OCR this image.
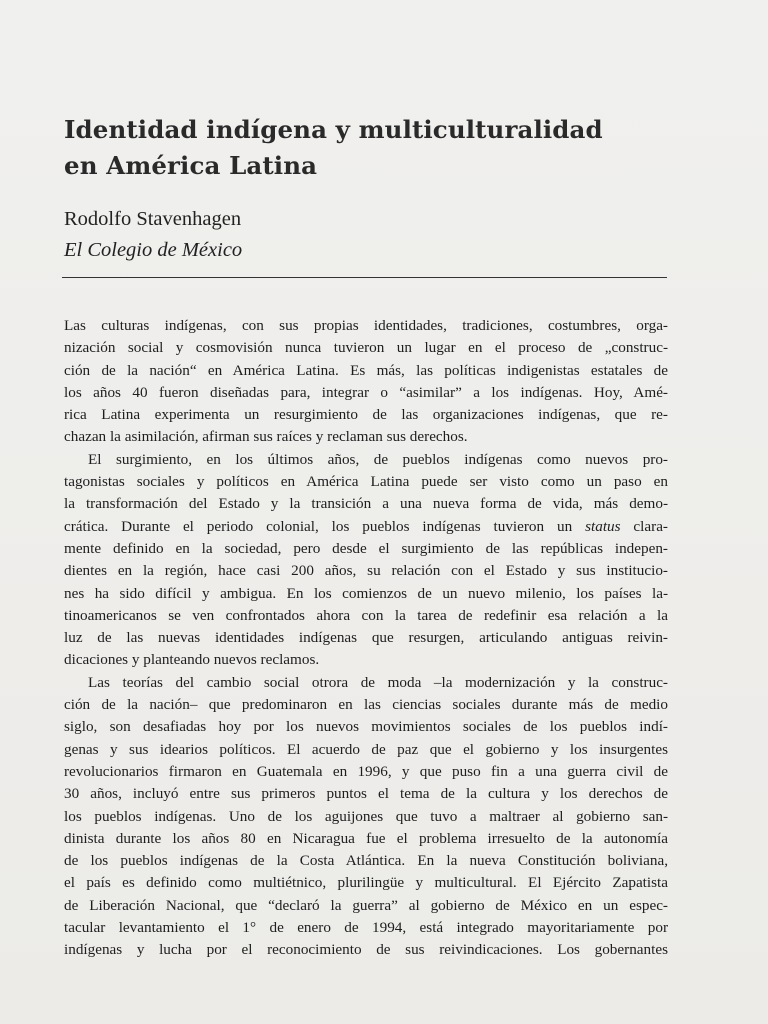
Identidad indígena y multiculturalidad
en América Latina
Rodolfo Stavenhagen
El Colegio de México
Las culturas indígenas, con sus propias identidades, tradiciones, costumbres, orga-
nización social y cosmovisión nunca tuvieron un lugar en el proceso de „construc-
ción de la nación“ en América Latina. Es más, las políticas indigenistas estatales de
los años 40 fueron diseñadas para, integrar o “asimilar” a los indígenas. Hoy, Amé-
rica Latina experimenta un resurgimiento de las organizaciones indígenas, que re-
chazan la asimilación, afirman sus raíces y reclaman sus derechos.
El surgimiento, en los últimos años, de pueblos indígenas como nuevos pro-
tagonistas sociales y políticos en América Latina puede ser visto como un paso en
la transformación del Estado y la transición a una nueva forma de vida, más demo-
crática. Durante el periodo colonial, los pueblos indígenas tuvieron un status clara-
mente definido en la sociedad, pero desde el surgimiento de las repúblicas indepen-
dientes en la región, hace casi 200 años, su relación con el Estado y sus institucio-
nes ha sido difícil y ambigua. En los comienzos de un nuevo milenio, los países la-
tinoamericanos se ven confrontados ahora con la tarea de redefinir esa relación a la
luz de las nuevas identidades indígenas que resurgen, articulando antiguas reivin-
dicaciones y planteando nuevos reclamos.
Las teorías del cambio social otrora de moda –la modernización y la construc-
ción de la nación– que predominaron en las ciencias sociales durante más de medio
siglo, son desafiadas hoy por los nuevos movimientos sociales de los pueblos indí-
genas y sus idearios políticos. El acuerdo de paz que el gobierno y los insurgentes
revolucionarios firmaron en Guatemala en 1996, y que puso fin a una guerra civil de
30 años, incluyó entre sus primeros puntos el tema de la cultura y los derechos de
los pueblos indígenas. Uno de los aguijones que tuvo a maltraer al gobierno san-
dinista durante los años 80 en Nicaragua fue el problema irresuelto de la autonomía
de los pueblos indígenas de la Costa Atlántica. En la nueva Constitución boliviana,
el país es definido como multiétnico, plurilingüe y multicultural. El Ejército Zapatista
de Liberación Nacional, que “declaró la guerra” al gobierno de México en un espec-
tacular levantamiento el 1° de enero de 1994, está integrado mayoritariamente por
indígenas y lucha por el reconocimiento de sus reivindicaciones. Los gobernantes
